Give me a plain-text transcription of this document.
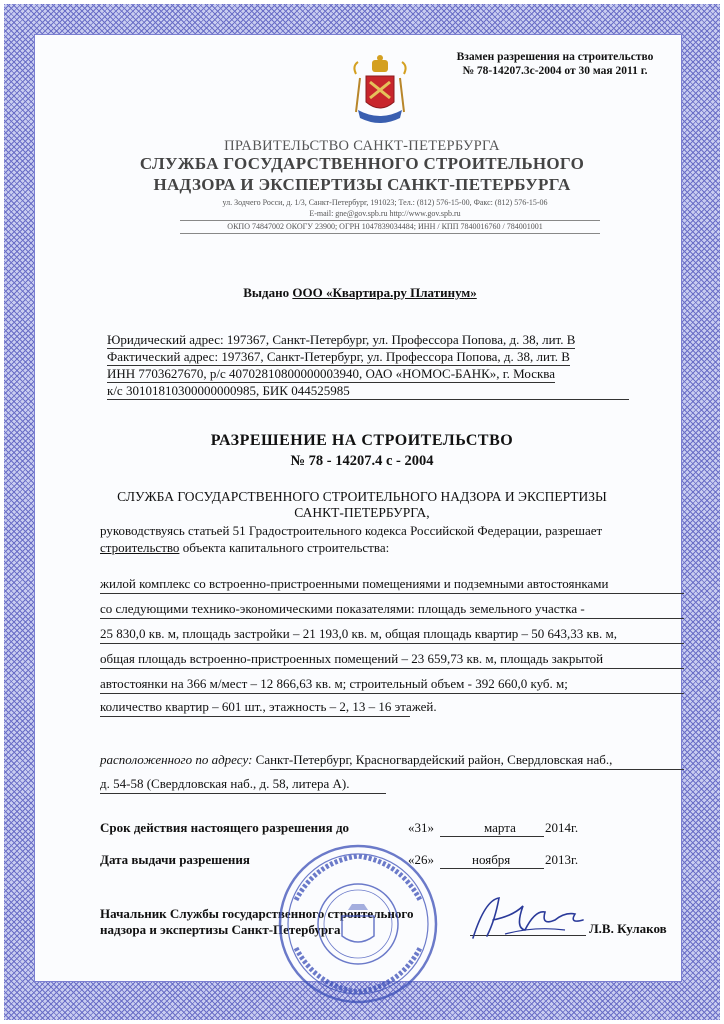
Взамен разрешения на строительство
№ 78-14207.3с-2004 от 30 мая 2011 г.
ПРАВИТЕЛЬСТВО САНКТ-ПЕТЕРБУРГА
СЛУЖБА ГОСУДАРСТВЕННОГО СТРОИТЕЛЬНОГО
НАДЗОРА И ЭКСПЕРТИЗЫ САНКТ-ПЕТЕРБУРГА
ул. Зодчего Росси, д. 1/3, Санкт-Петербург, 191023; Тел.: (812) 576-15-00, Факс: (812) 576-15-06
E-mail: gne@gov.spb.ru http://www.gov.spb.ru
ОКПО 74847002 ОКОГУ 23900; ОГРН 1047839034484; ИНН / КПП 7840016760 / 784001001
Выдано ООО «Квартира.ру Платинум»
Юридический адрес: 197367, Санкт-Петербург, ул. Профессора Попова, д. 38, лит. В
Фактический адрес: 197367, Санкт-Петербург, ул. Профессора Попова, д. 38, лит. В
ИНН 7703627670, р/с 40702810800000003940, ОАО «НОМОС-БАНК», г. Москва
к/с 30101810300000000985, БИК 044525985
РАЗРЕШЕНИЕ НА СТРОИТЕЛЬСТВО
№ 78 - 14207.4 с - 2004
СЛУЖБА ГОСУДАРСТВЕННОГО СТРОИТЕЛЬНОГО НАДЗОРА И ЭКСПЕРТИЗЫ
САНКТ-ПЕТЕРБУРГА,
руководствуясь статьей 51 Градостроительного кодекса Российской Федерации, разрешает
строительство объекта капитального строительства:
жилой комплекс со встроенно-пристроенными помещениями и подземными автостоянками
со следующими технико-экономическими показателями: площадь земельного участка -
25 830,0 кв. м, площадь застройки – 21 193,0 кв. м, общая площадь квартир – 50 643,33 кв. м,
общая площадь встроенно-пристроенных помещений – 23 659,73 кв. м, площадь закрытой
автостоянки на 366 м/мест – 12 866,63 кв. м; строительный объем - 392 660,0 куб. м;
количество квартир – 601 шт., этажность – 2, 13 – 16 этажей.
расположенного по адресу: Санкт-Петербург, Красногвардейский район, Свердловская наб.,
д. 54-58 (Свердловская наб., д. 58, литера А).
Срок действия настоящего разрешения до	«31»	марта 2014г.
Дата выдачи разрешения	«26»	ноября	2013г.
Начальник Службы государственного строительного
надзора и экспертизы Санкт-Петербурга	Л.В. Кулаков
